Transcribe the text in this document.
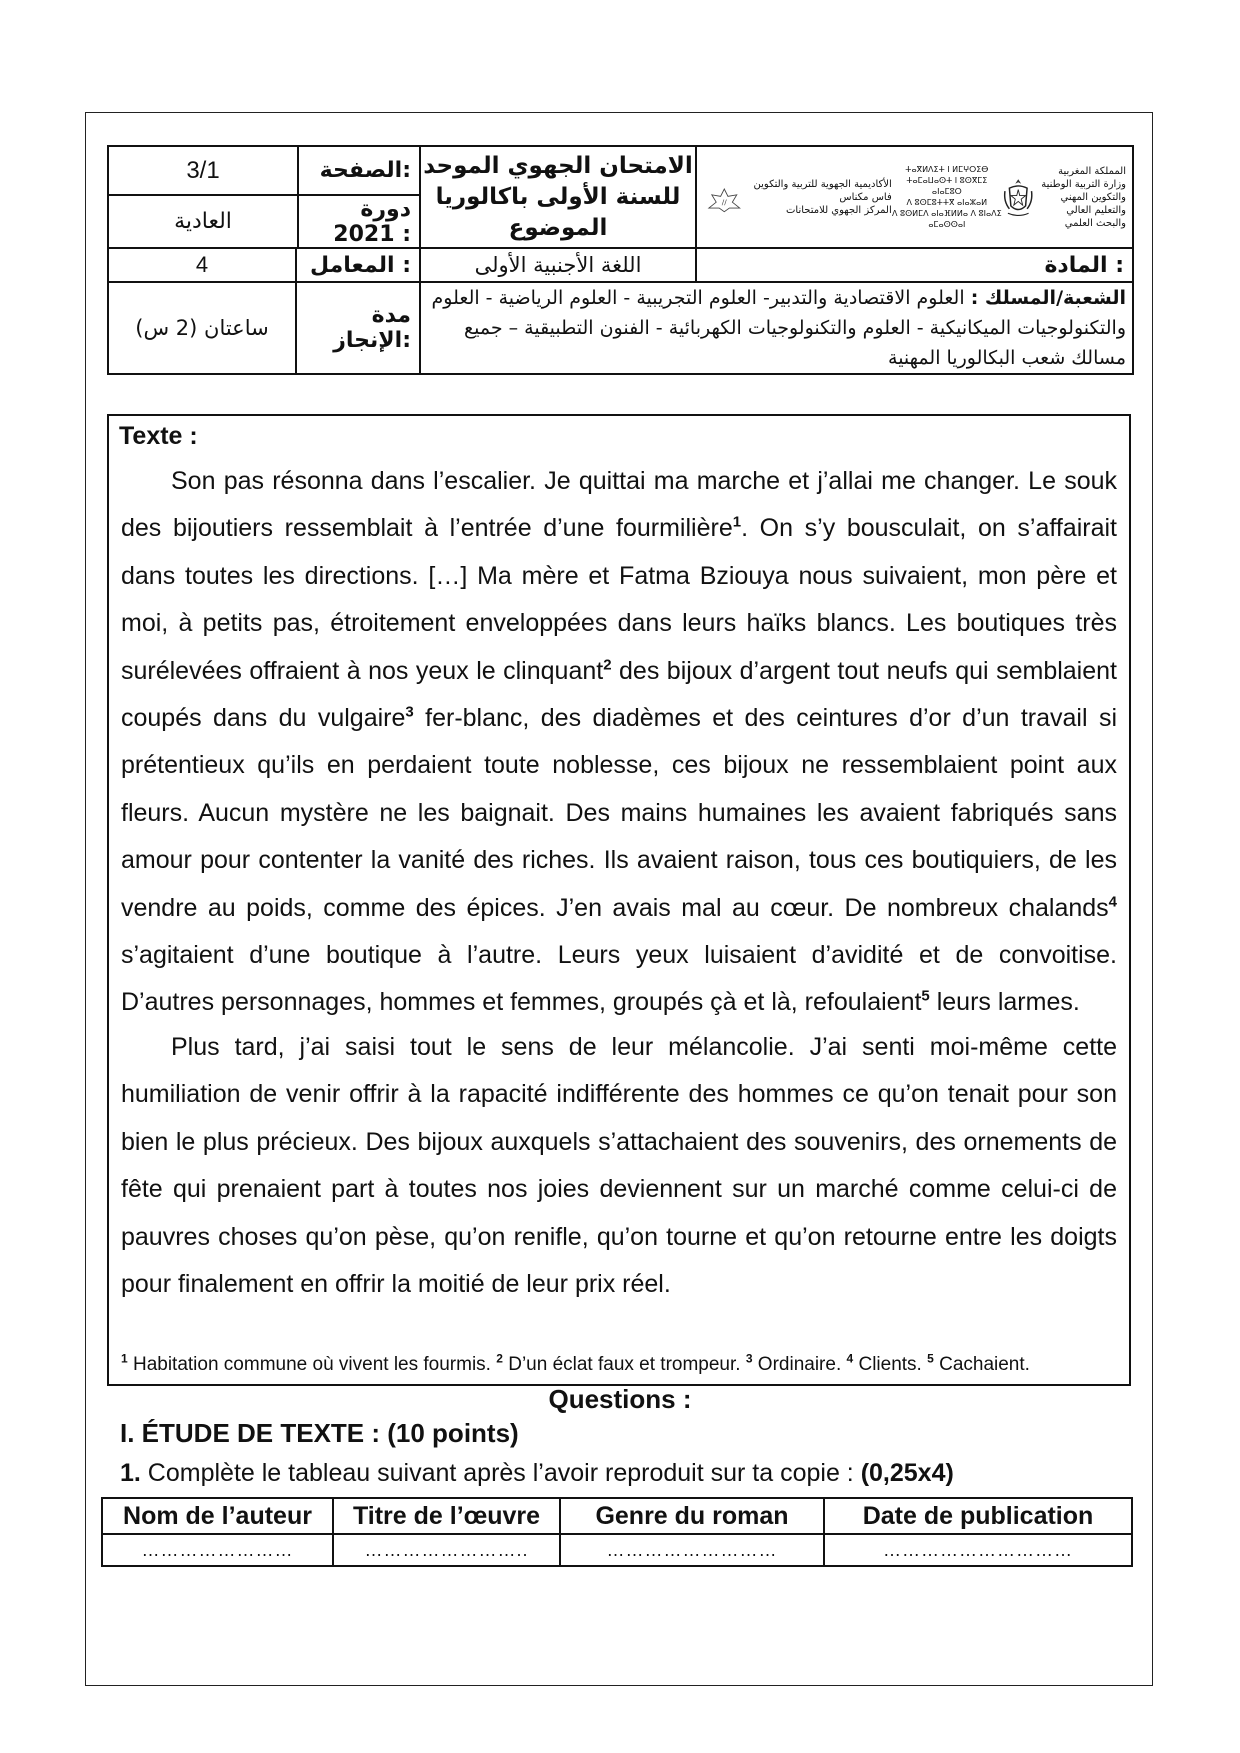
3/1	الصفحة:
العادية	دورة 2021 :

الامتحان الجهوي الموحد
للسنة الأولى باكالوريا
الموضوع

//
الأكاديمية الجهوية للتربية والتكوين فاس مكناس
المركز الجهوي للامتحانات
ⵜⴰⴳⵍⴷⵉⵜ ⵏ ⵍⵎⵖⵔⵉⴱ
ⵜⴰⵎⴰⵡⴰⵙⵜ ⵏ ⵓⵙⴳⵎⵉ ⴰⵏⴰⵎⵓⵔ
ⴷ ⵓⵙⵎⵓⵜⵜⴳ ⴰⵏⴰⵣⴰⵍ
ⴷ ⵓⵙⵍⵎⴷ ⴰⵏⴰⴼⵍⵍⴰ ⴷ ⵓⵏⴰⴷⵉ ⴰⵎⴰⵙⵙⴰⵏ
المملكة المغربية
وزارة التربية الوطنية
والتكوين المهني
والتعليم العالي والبحث العلمي

4	المعامل :	اللغة الأجنبية الأولى	المادة :
ساعتان (2 س)	مدة الإنجاز:	
الشعبة/المسلك : العلوم الاقتصادية والتدبير- العلوم التجريبية - العلوم الرياضية - العلوم والتكنولوجيات الميكانيكية - العلوم والتكنولوجيات الكهربائية - الفنون التطبيقية – جميع مسالك شعب البكالوريا المهنية
Texte :

Son pas résonna dans l’escalier. Je quittai ma marche et j’allai me changer. Le souk des bijoutiers ressemblait à l’entrée d’une fourmilière$^1$. On s’y bousculait, on s’affairait dans toutes les directions. […] Ma mère et Fatma Bziouya nous suivaient, mon père et moi, à petits pas, étroitement enveloppées dans leurs haïks blancs. Les boutiques très surélevées offraient à nos yeux le clinquant$^2$ des bijoux d’argent tout neufs qui semblaient coupés dans du vulgaire$^3$ fer-blanc, des diadèmes et des ceintures d’or d’un travail si prétentieux qu’ils en perdaient toute noblesse, ces bijoux ne ressemblaient point aux fleurs. Aucun mystère ne les baignait. Des mains humaines les avaient fabriqués sans amour pour contenter la vanité des riches. Ils avaient raison, tous ces boutiquiers, de les vendre au poids, comme des épices. J’en avais mal au cœur. De nombreux chalands$^4$ s’agitaient d’une boutique à l’autre. Leurs yeux luisaient d’avidité et de convoitise. D’autres personnages, hommes et femmes, groupés çà et là, refoulaient$^5$ leurs larmes.

Plus tard, j’ai saisi tout le sens de leur mélancolie. J’ai senti moi-même cette humiliation de venir offrir à la rapacité indifférente des hommes ce qu’on tenait pour son bien le plus précieux. Des bijoux auxquels s’attachaient des souvenirs, des ornements de fête qui prenaient part à toutes nos joies deviennent sur un marché comme celui-ci de pauvres choses qu’on pèse, qu’on renifle, qu’on tourne et qu’on retourne entre les doigts pour finalement en offrir la moitié de leur prix réel.

$^1$ Habitation commune où vivent les fourmis. $^2$ D’un éclat faux et trompeur. $^3$ Ordinaire. $^4$ Clients. $^5$ Cachaient.
Questions :
I. ÉTUDE DE TEXTE : (10 points)
1. Complète le tableau suivant après l’avoir reproduit sur ta copie : (0,25x4)
Nom de l’auteur	Titre de l’œuvre	Genre du roman	Date de publication
……………………	……………………..	………………………	…………………………
